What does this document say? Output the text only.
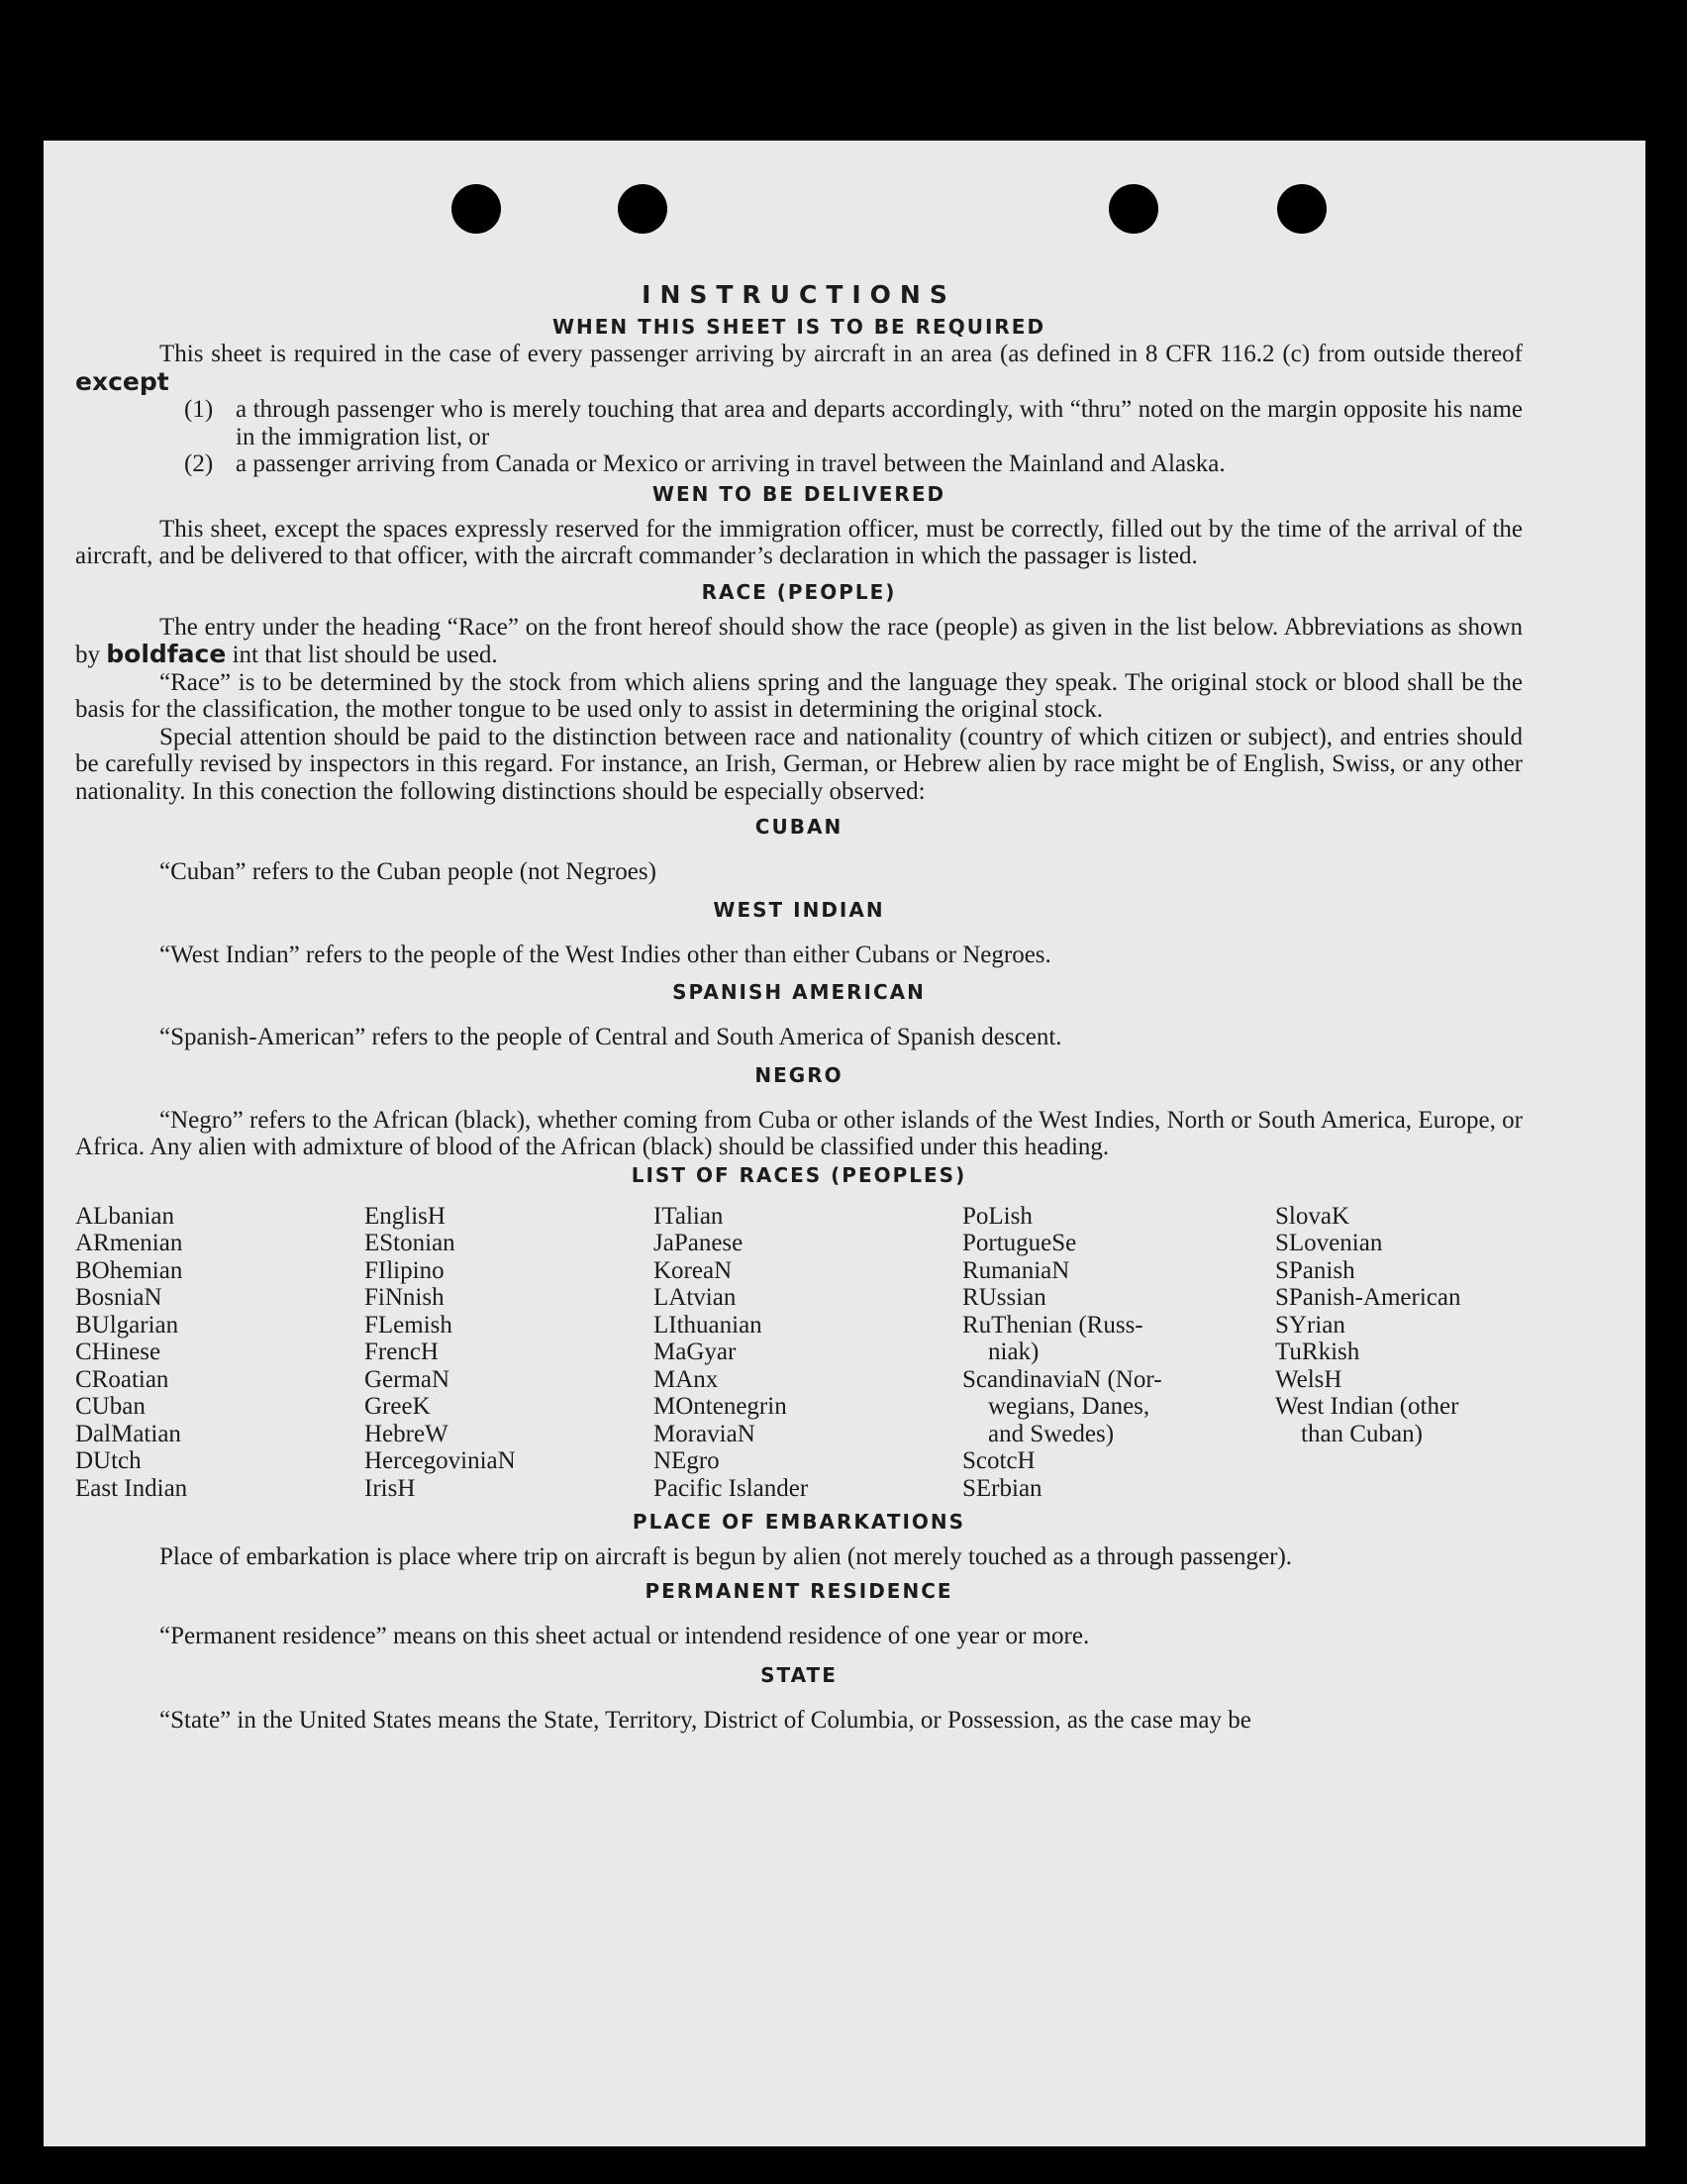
INSTRUCTIONS
WHEN THIS SHEET IS TO BE REQUIRED

This sheet is required in the case of every passenger arriving by aircraft in an area (as defined in 8 CFR 116.2 (c) from outside thereof except

(1) a through passenger who is merely touching that area and departs accordingly, with “thru” noted on the margin opposite his name in the immigration list, or
(2) a passenger arriving from Canada or Mexico or arriving in travel between the Mainland and Alaska.
WEN TO BE DELIVERED

This sheet, except the spaces expressly reserved for the immigration officer, must be correctly, filled out by the time of the arrival of the aircraft, and be delivered to that officer, with the aircraft commander’s declaration in which the passager is listed.

RACE (PEOPLE)

The entry under the heading “Race” on the front hereof should show the race (people) as given in the list below. Abbreviations as shown by boldface int that list should be used.

“Race” is to be determined by the stock from which aliens spring and the language they speak. The original stock or blood shall be the basis for the classification, the mother tongue to be used only to assist in determining the original stock.

Special attention should be paid to the distinction between race and nationality (country of which citizen or subject), and entries should be carefully revised by inspectors in this regard. For instance, an Irish, German, or Hebrew alien by race might be of English, Swiss, or any other nationality. In this conection the following distinctions should be especially observed:

CUBAN

“Cuban” refers to the Cuban people (not Negroes)

WEST INDIAN

“West Indian” refers to the people of the West Indies other than either Cubans or Negroes.

SPANISH AMERICAN

“Spanish-American” refers to the people of Central and South America of Spanish descent.

NEGRO

“Negro” refers to the African (black), whether coming from Cuba or other islands of the West Indies, North or South America, Europe, or Africa. Any alien with admixture of blood of the African (black) should be classified under this heading.

LIST OF RACES (PEOPLES)
ALbanian
ARmenian
BOhemian
BosniaN
BUlgarian
CHinese
CRoatian
CUban
DalMatian
DUtch
East Indian
EnglisH
EStonian
FIlipino
FiNnish
FLemish
FrencH
GermaN
GreeK
HebreW
HercegovinіaN
IrisH
ITalian
JaPanese
KoreaN
LAtvian
LIthuanian
MaGyar
MAnx
MOntenegrin
MoraviaN
NEgro
Pacific Islander
PoLish
PortugueSe
RumaniaN
RUssian
RuThenian (Russ-
niak)
ScandinaviaN (Nor-
wegians, Danes,
and Swedes)
ScotcH
SErbian
SlovaK
SLovenian
SPanish
SPanish-American
SYrian
TuRkish
WelsH
West Indian (other
than Cuban)
PLACE OF EMBARKATIONS

Place of embarkation is place where trip on aircraft is begun by alien (not merely touched as a through passenger).

PERMANENT RESIDENCE

“Permanent residence” means on this sheet actual or intendend residence of one year or more.

STATE

“State” in the United States means the State, Territory, District of Columbia, or Possession, as the case may be
